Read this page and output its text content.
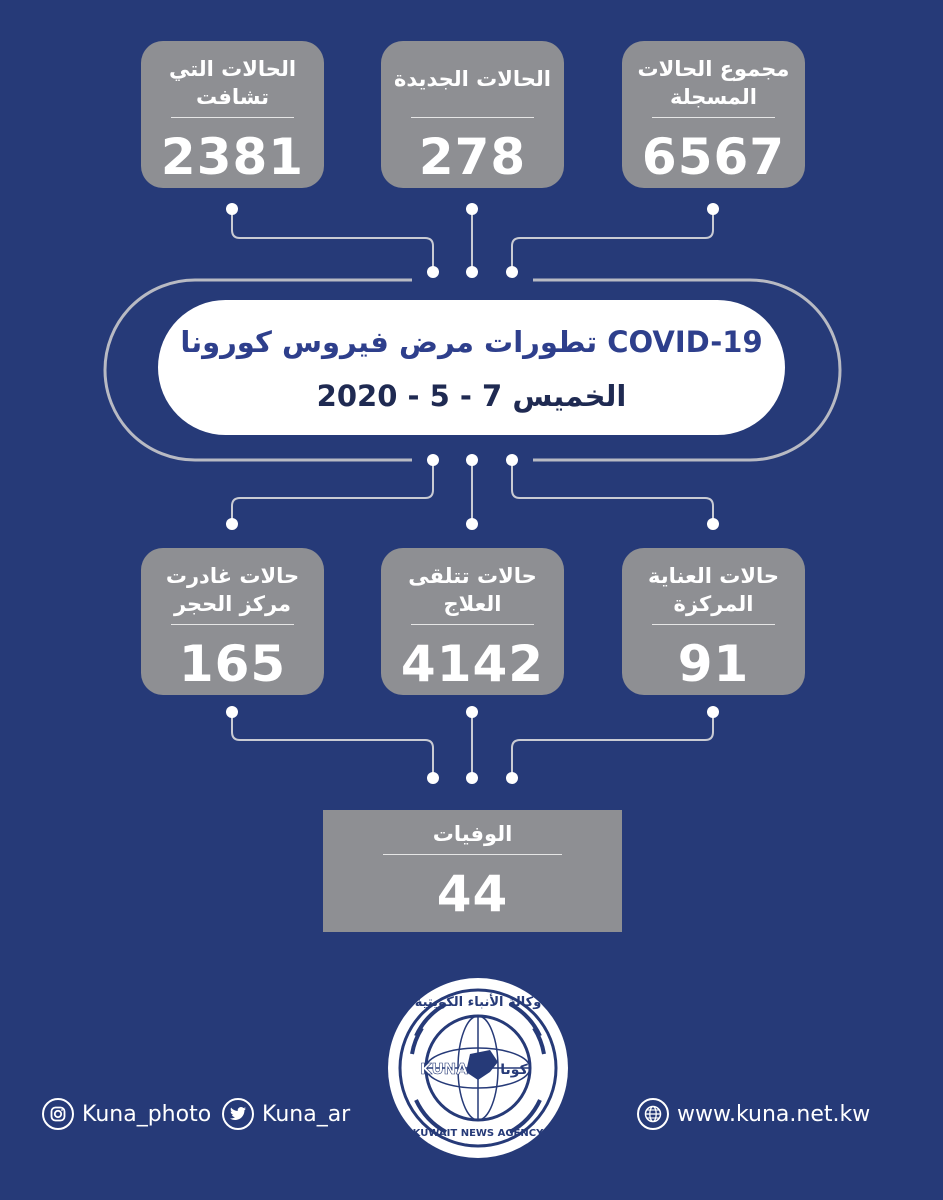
الحالات التي
تشافت
2381
الحالات الجديدة
278
مجموع الحالات
المسجلة
6567
تطورات مرض فيروس كورونا COVID-19
الخميس 7 - 5 - 2020
حالات غادرت
مركز الحجر
165
حالات تتلقى
العلاج
4142
حالات العناية
المركزة
91
الوفيات
44
وكالة الأنباء الكويتية
KUNA كونا
KUWAIT NEWS AGENCY
Kuna_photo Kuna_ar	www.kuna.net.kw
